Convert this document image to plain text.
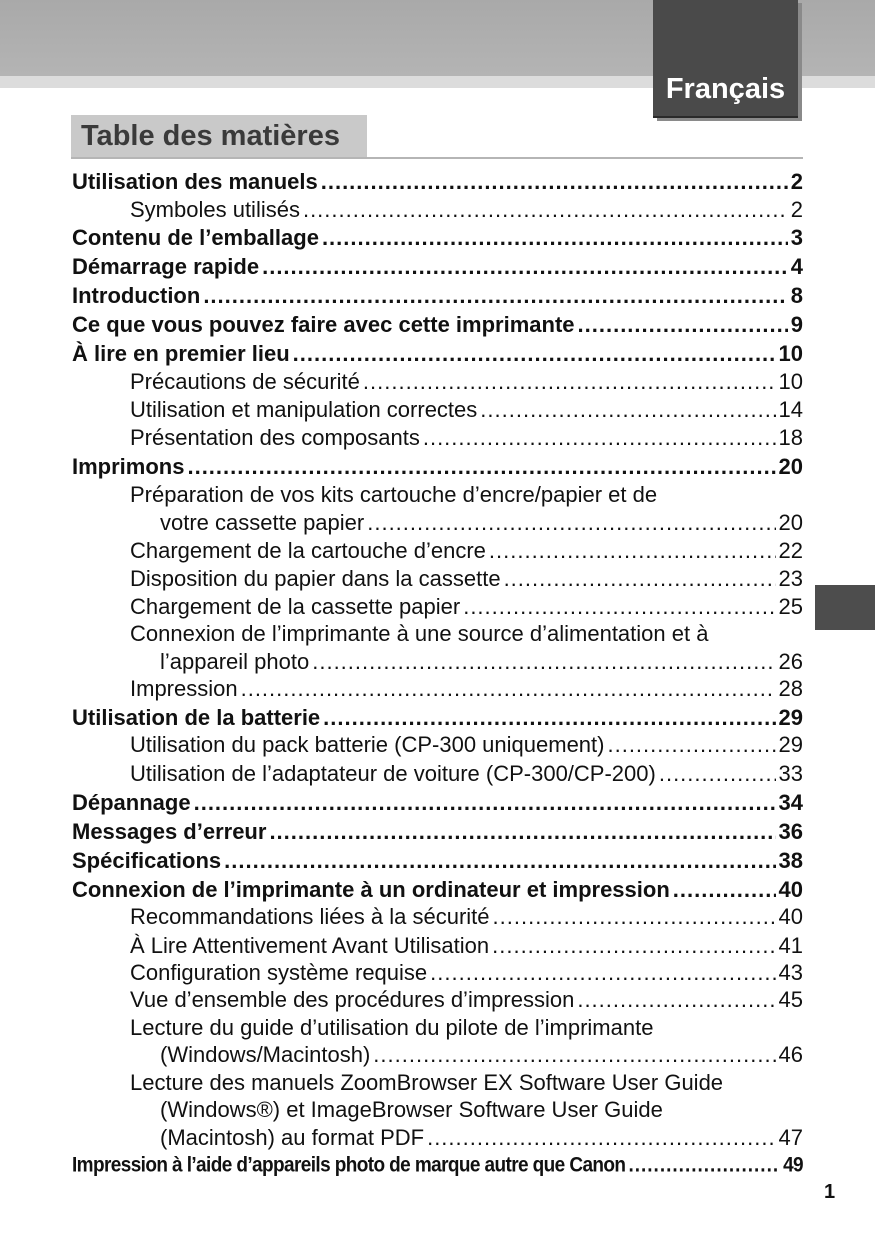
Français
Table des matières
Utilisation des manuels .....	2
Symboles utilisés .....	2
Contenu de l’emballage .....	3
Démarrage rapide .....	4
Introduction .....	8
Ce que vous pouvez faire avec cette imprimante .....	9
À lire en premier lieu .....	10
Précautions de sécurité .....	10
Utilisation et manipulation correctes .....	14
Présentation des composants .....	18
Imprimons .....	20
Préparation de vos kits cartouche d’encre/papier et de
votre cassette papier .....	20
Chargement de la cartouche d’encre .....	22
Disposition du papier dans la cassette .....	23
Chargement de la cassette papier .....	25
Connexion de l’imprimante à une source d’alimentation et à
l’appareil photo .....	26
Impression .....	28
Utilisation de la batterie .....	29
Utilisation du pack batterie (CP-300 uniquement) .....	29
Utilisation de l’adaptateur de voiture (CP-300/CP-200) .....	33
Dépannage .....	34
Messages d’erreur .....	36
Spécifications .....	38
Connexion de l’imprimante à un ordinateur et impression .....	40
Recommandations liées à la sécurité .....	40
À Lire Attentivement Avant Utilisation .....	41
Configuration système requise .....	43
Vue d’ensemble des procédures d’impression .....	45
Lecture du guide d’utilisation du pilote de l’imprimante
(Windows/Macintosh) .....	46
Lecture des manuels ZoomBrowser EX Software User Guide
(Windows®) et ImageBrowser Software User Guide
(Macintosh) au format PDF .....	47
Impression à l’aide d’appareils photo de marque autre que Canon .....	49
1
